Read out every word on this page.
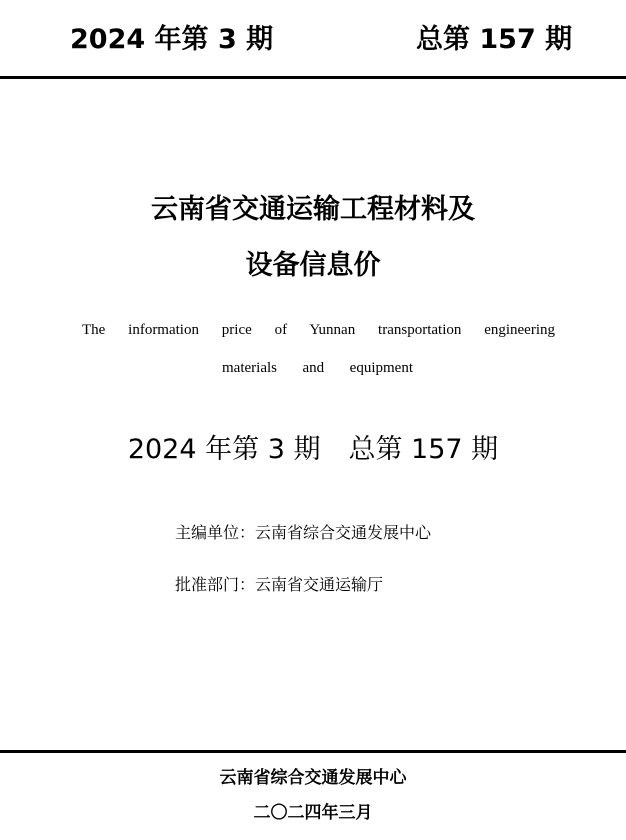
2024 年第 3 期	总第 157 期
云南省交通运输工程材料及
设备信息价
The information price of Yunnan transportation engineering
materials and equipment
2024 年第 3 期 总第 157 期
主编单位：云南省综合交通发展中心
批准部门：云南省交通运输厅
云南省综合交通发展中心
二〇二四年三月
